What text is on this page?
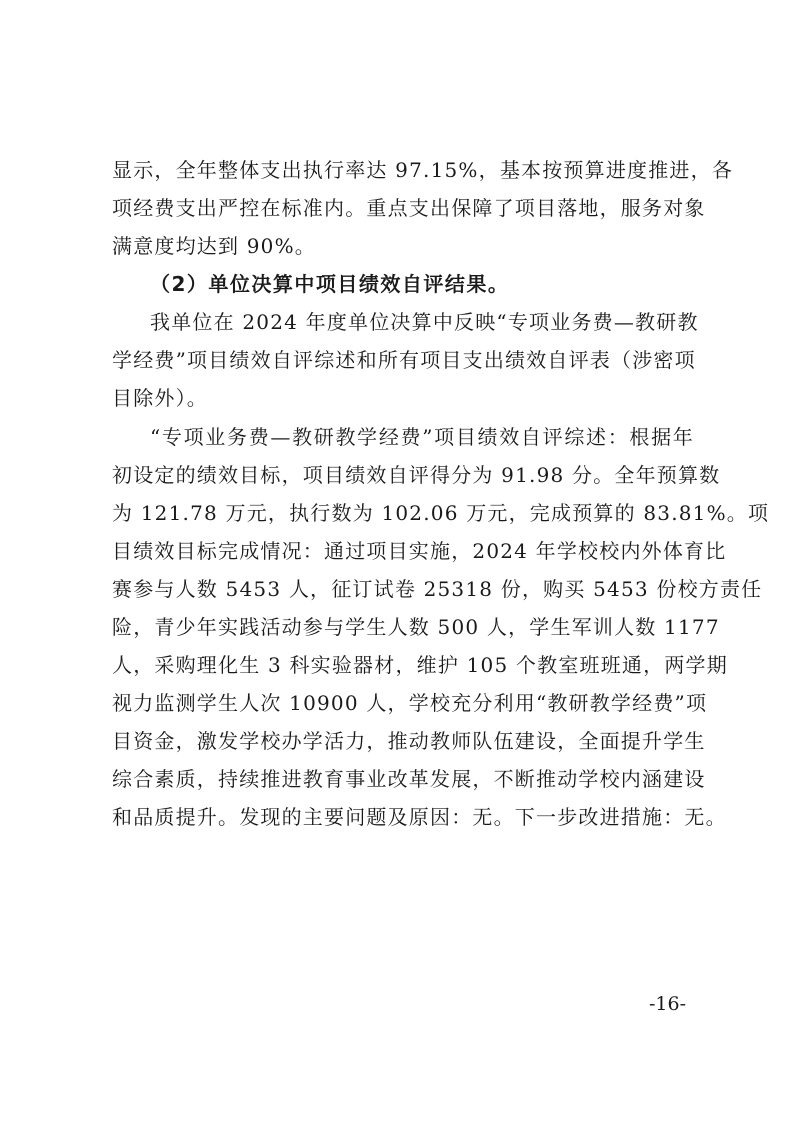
显示，全年整体支出执行率达 97.15%，基本按预算进度推进，各
项经费支出严控在标准内。重点支出保障了项目落地，服务对象
满意度均达到 90%。
（2）单位决算中项目绩效自评结果。
我单位在 2024 年度单位决算中反映“专项业务费—教研教
学经费”项目绩效自评综述和所有项目支出绩效自评表（涉密项
目除外）。
“专项业务费—教研教学经费”项目绩效自评综述：根据年
初设定的绩效目标，项目绩效自评得分为 91.98 分。全年预算数
为 121.78 万元，执行数为 102.06 万元，完成预算的 83.81%。项
目绩效目标完成情况：通过项目实施，2024 年学校校内外体育比
赛参与人数 5453 人，征订试卷 25318 份，购买 5453 份校方责任
险，青少年实践活动参与学生人数 500 人，学生军训人数 1177
人，采购理化生 3 科实验器材，维护 105 个教室班班通，两学期
视力监测学生人次 10900 人，学校充分利用“教研教学经费”项
目资金，激发学校办学活力，推动教师队伍建设，全面提升学生
综合素质，持续推进教育事业改革发展，不断推动学校内涵建设
和品质提升。发现的主要问题及原因：无。下一步改进措施：无。
-16-
